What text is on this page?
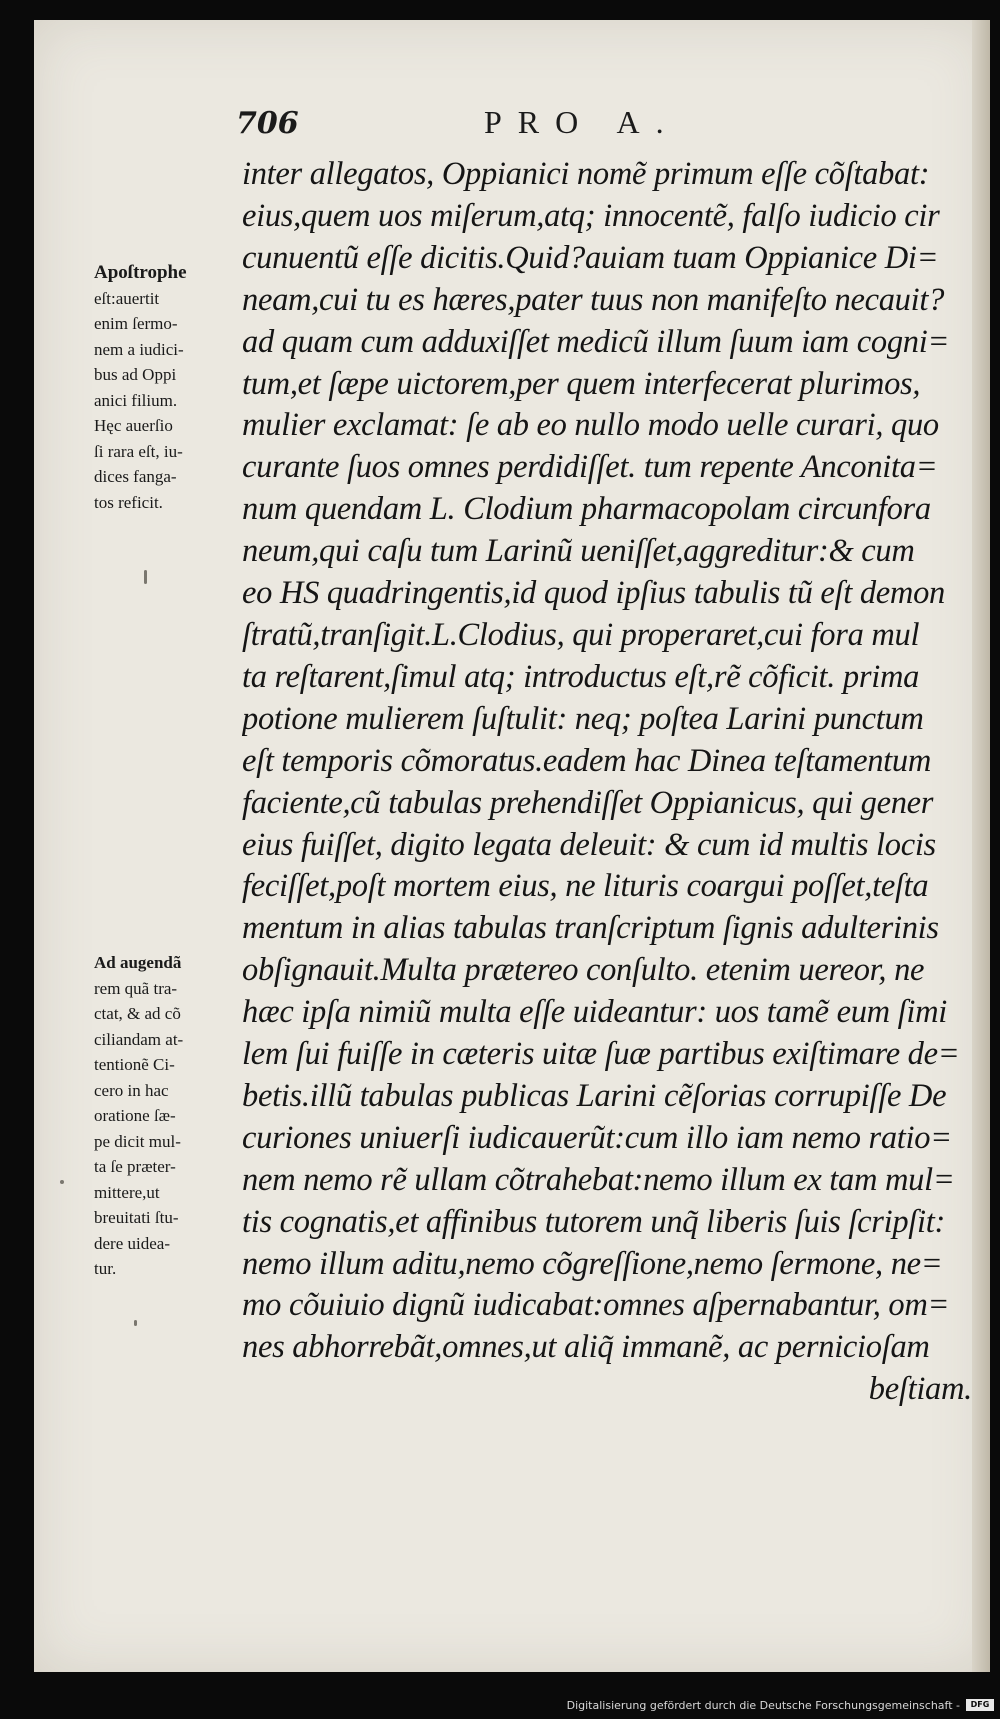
706	PRO A.

Apoſtrophe
eſt:auertit
enim ſermo-
nem a iudici-
bus ad Oppi
anici filium.
Hęc auerſio
ſi rara eſt, iu-
dices fanga-
tos reficit.
Ad augendã
rem quã tra-
ctat, & ad cõ
ciliandam at-
tentionẽ Ci-
cero in hac
oratione ſæ-
pe dicit mul-
ta ſe præter-
mittere,ut
breuitati ſtu-
dere uidea-
tur.
inter allegatos, Oppianici nomẽ primum eſſe cõſtabat:
eius,quem uos miſerum,atq; innocentẽ, falſo iudicio cir
cunuentũ eſſe dicitis.Quid?auiam tuam Oppianice Di=
neam,cui tu es hæres,pater tuus non manifeſto necauit?
ad quam cum adduxiſſet medicũ illum ſuum iam cogni=
tum,et ſæpe uictorem,per quem interfecerat plurimos,
mulier exclamat: ſe ab eo nullo modo uelle curari, quo
curante ſuos omnes perdidiſſet. tum repente Anconita=
num quendam L. Clodium pharmacopolam circunfora
neum,qui caſu tum Larinũ ueniſſet,aggreditur:& cum
eo HS quadringentis,id quod ipſius tabulis tũ eſt demon
ſtratũ,tranſigit.L.Clodius, qui properaret,cui fora mul
ta reſtarent,ſimul atq; introductus eſt,rẽ cõficit. prima
potione mulierem ſuſtulit: neq; poſtea Larini punctum
eſt temporis cõmoratus.eadem hac Dinea teſtamentum
faciente,cũ tabulas prehendiſſet Oppianicus, qui gener
eius fuiſſet, digito legata deleuit: & cum id multis locis
feciſſet,poſt mortem eius, ne lituris coargui poſſet,teſta
mentum in alias tabulas tranſcriptum ſignis adulterinis
obſignauit.Multa prætereo conſulto. etenim uereor, ne
hæc ipſa nimiũ multa eſſe uideantur: uos tamẽ eum ſimi
lem ſui fuiſſe in cæteris uitæ ſuæ partibus exiſtimare de=
betis.illũ tabulas publicas Larini cẽſorias corrupiſſe De
curiones uniuerſi iudicauerũt:cum illo iam nemo ratio=
nem nemo rẽ ullam cõtrahebat:nemo illum ex tam mul=
tis cognatis,et affinibus tutorem unq̃ liberis ſuis ſcripſit:
nemo illum aditu,nemo cõgreſſione,nemo ſermone, ne=
mo cõuiuio dignũ iudicabat:omnes aſpernabantur, om=
nes abhorrebãt,omnes,ut aliq̃ immanẽ, ac pernicioſam
beſtiam.

Digitalisierung gefördert durch die Deutsche Forschungsgemeinschaft -	DFG
